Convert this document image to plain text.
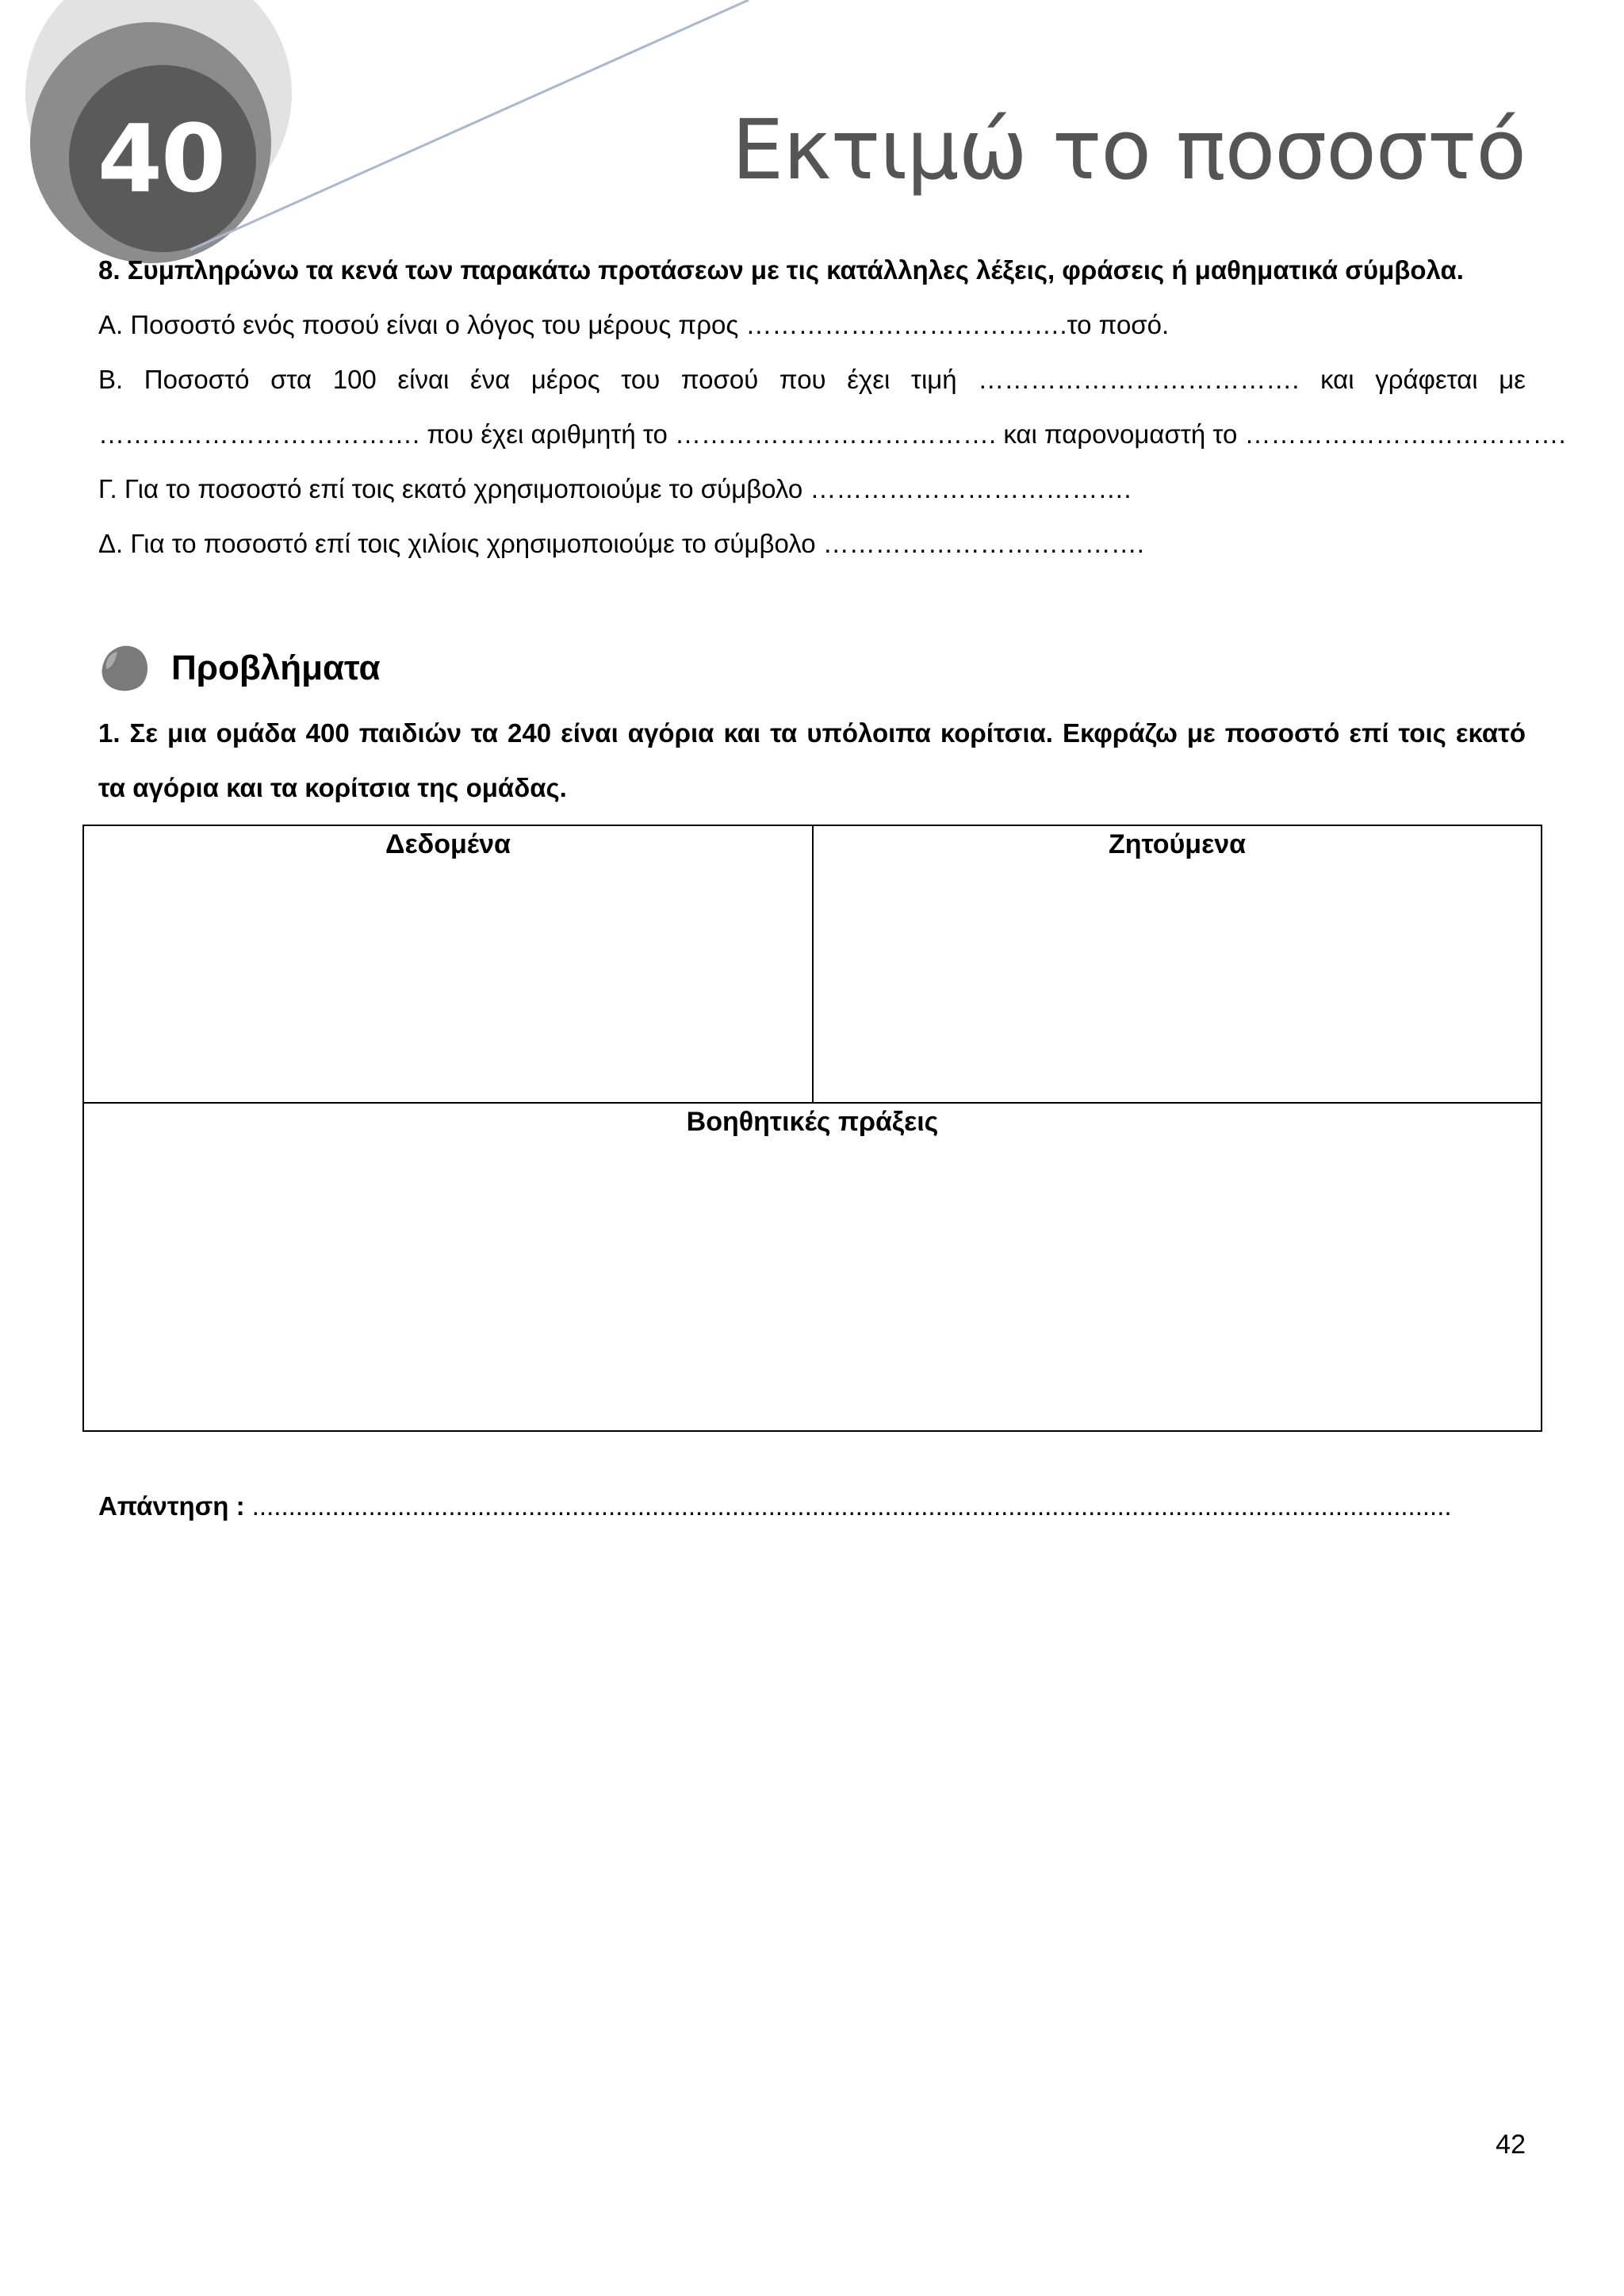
40	Εκτιμώ το ποσοστό
8. Συμπληρώνω τα κενά των παρακάτω προτάσεων με τις κατάλληλες λέξεις, φράσεις ή μαθηματικά σύμβολα.
Α. Ποσοστό ενός ποσού είναι ο λόγος του μέρους προς ……………………………….το ποσό.
Β. Ποσοστό στα 100 είναι ένα μέρος του ποσού που έχει τιμή ………………………………. και γράφεται με
………………………………. που έχει αριθμητή το ………………………………. και παρονομαστή το ……………………………….
Γ. Για το ποσοστό επί τοις εκατό χρησιμοποιούμε το σύμβολο ……………………………….
Δ. Για το ποσοστό επί τοις χιλίοις χρησιμοποιούμε το σύμβολο ……………………………….
Προβλήματα
1. Σε μια ομάδα 400 παιδιών τα 240 είναι αγόρια και τα υπόλοιπα κορίτσια. Εκφράζω με ποσοστό επί τοις εκατό
τα αγόρια και τα κορίτσια της ομάδας.
Δεδομένα	Ζητούμενα
Βοηθητικές πράξεις
Απάντηση : .....................................................................................................................................................................
42
